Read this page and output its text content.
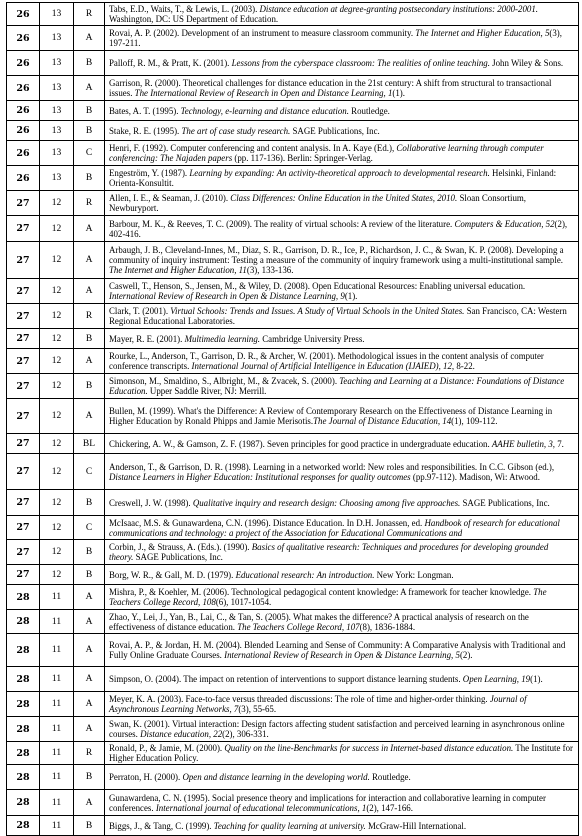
26	13	R	Tabs, E.D., Waits, T., & Lewis, L. (2003). Distance education at degree-granting postsecondary institutions: 2000-2001. Washington, DC: US Department of Education.
26	13	A	Rovai, A. P. (2002). Development of an instrument to measure classroom community. The Internet and Higher Education, 5(3), 197-211.
26	13	B	Palloff, R. M., & Pratt, K. (2001). Lessons from the cyberspace classroom: The realities of online teaching. John Wiley & Sons.
26	13	A	Garrison, R. (2000). Theoretical challenges for distance education in the 21st century: A shift from structural to transactional issues. The International Review of Research in Open and Distance Learning, 1(1).
26	13	B	Bates, A. T. (1995). Technology, e-learning and distance education. Routledge.
26	13	B	Stake, R. E. (1995). The art of case study research. SAGE Publications, Inc.
26	13	C	Henri, F. (1992). Computer conferencing and content analysis. In A. Kaye (Ed.), Collaborative learning through computer conferencing: The Najaden papers (pp. 117-136). Berlin: Springer-Verlag.
26	13	B	Engeström, Y. (1987). Learning by expanding: An activity-theoretical approach to developmental research. Helsinki, Finland: Orienta-Konsultit.
27	12	R	Allen, I. E., & Seaman, J. (2010). Class Differences: Online Education in the United States, 2010. Sloan Consortium, Newburyport.
27	12	A	Barbour, M. K., & Reeves, T. C. (2009). The reality of virtual schools: A review of the literature. Computers & Education, 52(2), 402-416.
27	12	A	Arbaugh, J. B., Cleveland-Innes, M., Diaz, S. R., Garrison, D. R., Ice, P., Richardson, J. C., & Swan, K. P. (2008). Developing a community of inquiry instrument: Testing a measure of the community of inquiry framework using a multi-institutional sample. The Internet and Higher Education, 11(3), 133-136.
27	12	A	Caswell, T., Henson, S., Jensen, M., & Wiley, D. (2008). Open Educational Resources: Enabling universal education. International Review of Research in Open & Distance Learning, 9(1).
27	12	R	Clark, T. (2001). Virtual Schools: Trends and Issues. A Study of Virtual Schools in the United States. San Francisco, CA: Western Regional Educational Laboratories.
27	12	B	Mayer, R. E. (2001). Multimedia learning. Cambridge University Press.
27	12	A	Rourke, L., Anderson, T., Garrison, D. R., & Archer, W. (2001). Methodological issues in the content analysis of computer conference transcripts. International Journal of Artificial Intelligence in Education (IJAIED), 12, 8-22.
27	12	B	Simonson, M., Smaldino, S., Albright, M., & Zvacek, S. (2000). Teaching and Learning at a Distance: Foundations of Distance Education. Upper Saddle River, NJ: Merrill.
27	12	A	Bullen, M. (1999). What's the Difference: A Review of Contemporary Research on the Effectiveness of Distance Learning in Higher Education by Ronald Phipps and Jamie Merisotis.The Journal of Distance Education, 14(1), 109-112.
27	12	BL	Chickering, A. W., & Gamson, Z. F. (1987). Seven principles for good practice in undergraduate education. AAHE bulletin, 3, 7.
27	12	C	Anderson, T., & Garrison, D. R. (1998). Learning in a networked world: New roles and responsibilities. In C.C. Gibson (ed.), Distance Learners in Higher Education: Institutional responses for quality outcomes (pp.97-112). Madison, Wi: Atwood.
27	12	B	Creswell, J. W. (1998). Qualitative inquiry and research design: Choosing among five approaches. SAGE Publications, Inc.
27	12	C	McIsaac, M.S. & Gunawardena, C.N. (1996). Distance Education. In D.H. Jonassen, ed. Handbook of research for educational communications and technology: a project of the Association for Educational Communications and
27	12	B	Corbin, J., & Strauss, A. (Eds.). (1990). Basics of qualitative research: Techniques and procedures for developing grounded theory. SAGE Publications, Inc.
27	12	B	Borg, W. R., & Gall, M. D. (1979). Educational research: An introduction. New York: Longman.
28	11	A	Mishra, P., & Koehler, M. (2006). Technological pedagogical content knowledge: A framework for teacher knowledge. The Teachers College Record, 108(6), 1017-1054.
28	11	A	Zhao, Y., Lei, J., Yan, B., Lai, C., & Tan, S. (2005). What makes the difference? A practical analysis of research on the effectiveness of distance education. The Teachers College Record, 107(8), 1836-1884.
28	11	A	Rovai, A. P., & Jordan, H. M. (2004). Blended Learning and Sense of Community: A Comparative Analysis with Traditional and Fully Online Graduate Courses. International Review of Research in Open & Distance Learning, 5(2).
28	11	A	Simpson, O. (2004). The impact on retention of interventions to support distance learning students. Open Learning, 19(1).
28	11	A	Meyer, K. A. (2003). Face-to-face versus threaded discussions: The role of time and higher-order thinking. Journal of Asynchronous Learning Networks, 7(3), 55-65.
28	11	A	Swan, K. (2001). Virtual interaction: Design factors affecting student satisfaction and perceived learning in asynchronous online courses. Distance education, 22(2), 306-331.
28	11	R	Ronald, P., & Jamie, M. (2000). Quality on the line-Benchmarks for success in Internet-based distance education. The Institute for Higher Education Policy.
28	11	B	Perraton, H. (2000). Open and distance learning in the developing world. Routledge.
28	11	A	Gunawardena, C. N. (1995). Social presence theory and implications for interaction and collaborative learning in computer conferences. International journal of educational telecommunications, 1(2), 147-166.
28	11	B	Biggs, J., & Tang, C. (1999). Teaching for quality learning at university. McGraw-Hill International.
